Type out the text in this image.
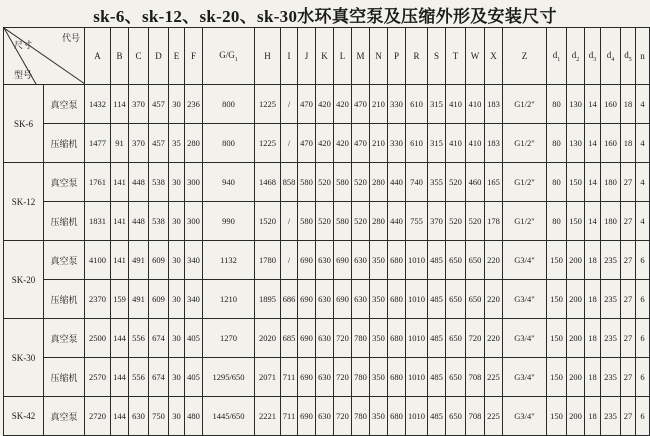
sk-6、sk-12、sk-20、sk-30水环真空泵及压缩外形及安装尺寸
尺寸
代号
型号		A	B	C	D	E	F	$G/G_1$	H	I	J	K	L	M	N	P	R	S	T	W	X	Z	$d_1$	$d_2$	$d_3$	$d_4$	$d_5$	n
SK-6	真空泵	1432	114	370	457	30	236	800	1225	/	470	420	420	470	210	330	610	315	410	410	183	G1/2"	80	130	14	160	18	4
	压缩机	1477	91	370	457	35	280	800	1225	/	470	420	420	470	210	330	610	315	410	410	183	G1/2"	80	130	14	160	18	4
SK-12	真空泵	1761	141	448	538	30	300	940	1468	858	580	520	580	520	280	440	740	355	520	460	165	G1/2"	80	150	14	180	27	4
	压缩机	1831	141	448	538	30	300	990	1520	/	580	520	580	520	280	440	755	370	520	520	178	G1/2"	80	150	14	180	27	4
SK-20	真空泵	4100	141	491	609	30	340	1132	1780	/	690	630	690	630	350	680	1010	485	650	650	220	G3/4"	150	200	18	235	27	6
	压缩机	2370	159	491	609	30	340	1210	1895	686	690	630	690	630	350	680	1010	485	650	650	220	G3/4"	150	200	18	235	27	6
SK-30	真空泵	2500	144	556	674	30	405	1270	2020	685	690	630	720	780	350	680	1010	485	650	720	220	G3/4"	150	200	18	235	27	6
	压缩机	2570	144	556	674	30	405	1295/650	2071	711	690	630	720	780	350	680	1010	485	650	708	225	G3/4"	150	200	18	235	27	6
SK-42	真空泵	2720	144	630	750	30	480	1445/650	2221	711	690	630	720	780	350	680	1010	485	650	708	225	G3/4"	150	200	18	235	27	6
